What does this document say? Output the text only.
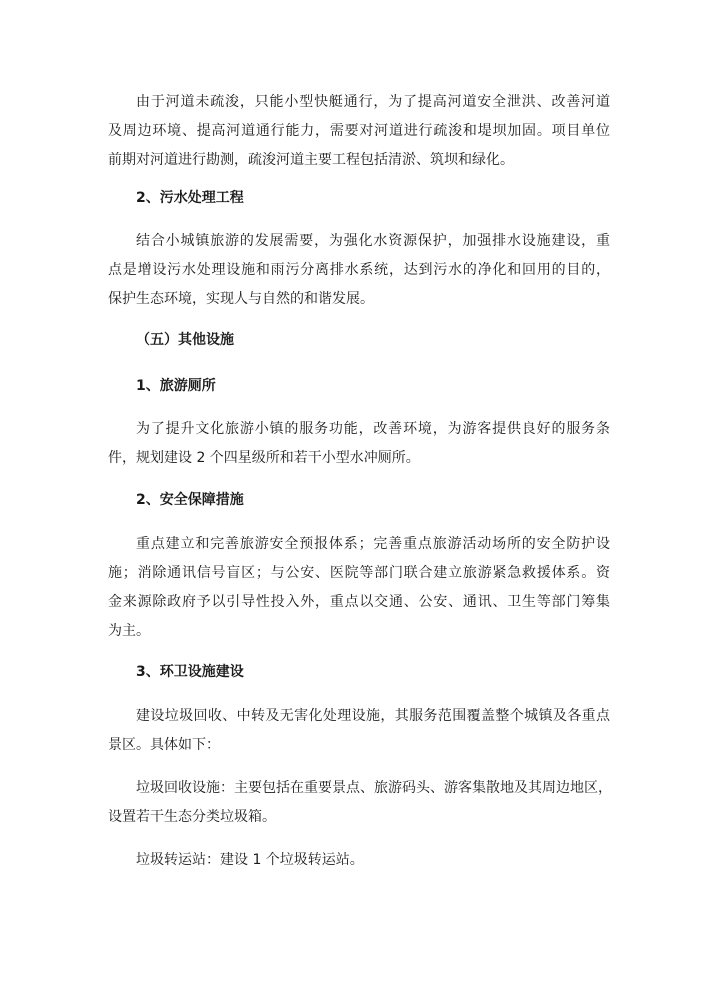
由于河道未疏浚，只能小型快艇通行，为了提高河道安全泄洪、改善河道
及周边环境、提高河道通行能力，需要对河道进行疏浚和堤坝加固。项目单位
前期对河道进行勘测，疏浚河道主要工程包括清淤、筑坝和绿化。

2、污水处理工程

结合小城镇旅游的发展需要，为强化水资源保护，加强排水设施建设，重
点是增设污水处理设施和雨污分离排水系统，达到污水的净化和回用的目的，
保护生态环境，实现人与自然的和谐发展。

（五）其他设施

1、旅游厕所

为了提升文化旅游小镇的服务功能，改善环境，为游客提供良好的服务条
件，规划建设 2 个四星级所和若干小型水冲厕所。

2、安全保障措施

重点建立和完善旅游安全预报体系；完善重点旅游活动场所的安全防护设
施；消除通讯信号盲区；与公安、医院等部门联合建立旅游紧急救援体系。资
金来源除政府予以引导性投入外，重点以交通、公安、通讯、卫生等部门筹集
为主。

3、环卫设施建设

建设垃圾回收、中转及无害化处理设施，其服务范围覆盖整个城镇及各重点
景区。具体如下：

垃圾回收设施：主要包括在重要景点、旅游码头、游客集散地及其周边地区，
设置若干生态分类垃圾箱。

垃圾转运站：建设 1 个垃圾转运站。
